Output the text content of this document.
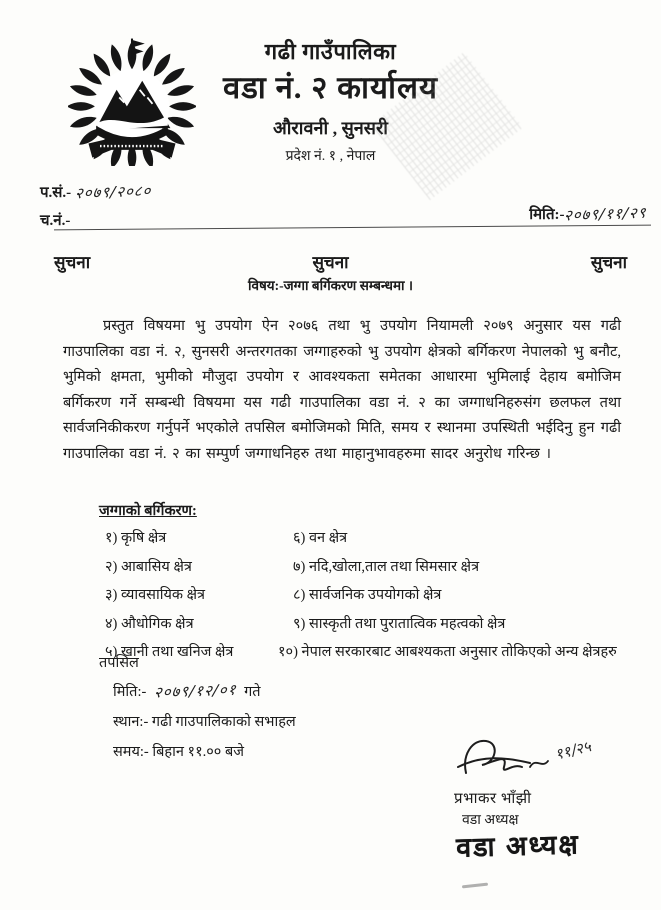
गढी गाउँपालिका
वडा नं. २ कार्यालय
औरावनी , सुनसरी
प्रदेश नं. १ , नेपाल
प.सं.- २०७९/२०८०
च.नं.-	मिति:-२०७९/११/२९
सुचना	सुचना	सुचना
विषय:-जग्गा बर्गिकरण सम्बन्धमा ।
प्रस्तुत विषयमा भु उपयोग ऐन २०७६ तथा भु उपयोग नियामली २०७९ अनुसार यस गढी गाउपालिका वडा नं. २, सुनसरी अन्तरगतका जग्गाहरुको भु उपयोग क्षेत्रको बर्गिकरण नेपालको भु बनौट, भुमिको क्षमता, भुमीको मौजुदा उपयोग र आवश्यकता समेतका आधारमा भुमिलाई देहाय बमोजिम बर्गिकरण गर्ने सम्बन्धी विषयमा यस गढी गाउपालिका वडा नं. २ का जग्गाधनिहरुसंग छलफल तथा सार्वजनिकीकरण गर्नुपर्ने भएकोले तपसिल बमोजिमको मिति, समय र स्थानमा उपस्थिती भईदिनु हुन गढी गाउपालिका वडा नं. २ का सम्पुर्ण जग्गाधनिहरु तथा माहानुभावहरुमा सादर अनुरोध गरिन्छ ।
जग्गाको बर्गिकरण:
१) कृषि क्षेत्र
२) आबासिय क्षेत्र
३) व्यावसायिक क्षेत्र
४) औधोगिक क्षेत्र
५) खानी तथा खनिज क्षेत्र
६) वन क्षेत्र
७) नदि,खोला,ताल तथा सिमसार क्षेत्र
८) सार्वजनिक उपयोगको क्षेत्र
९) सास्कृती तथा पुरातात्विक महत्वको क्षेत्र
१०) नेपाल सरकारबाट आबश्यकता अनुसार तोकिएको अन्य क्षेत्रहरु
तपसिल
मिति:- २०७९/१२/०१ गते
स्थान:- गढी गाउपालिकाको सभाहल
समय:- बिहान ११.०० बजे	११/२५
प्रभाकर भाँझी
वडा अध्यक्ष
वडा अध्यक्ष
